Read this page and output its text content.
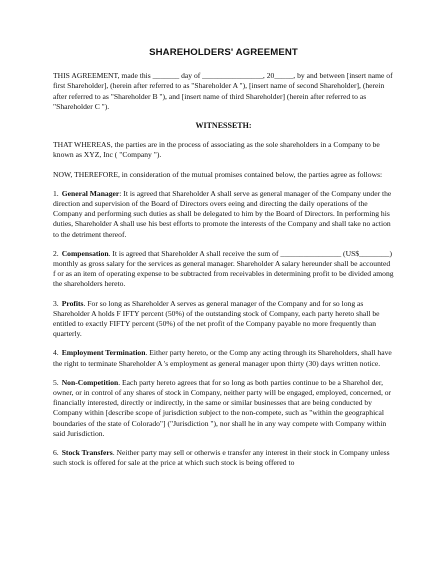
SHAREHOLDERS' AGREEMENT

THIS AGREEMENT, made this _______ day of ________________, 20_____, by and between [insert name of first Shareholder], (herein after referred to as "Shareholder A "), [insert name of second Shareholder], (herein after referred to as "Shareholder B "), and [insert name of third Shareholder] (herein after referred to as "Shareholder C ").

WITNESSETH:

THAT WHEREAS, the parties are in the process of associating as the sole shareholders in a Company to be known as XYZ, Inc ( "Company ").

NOW, THEREFORE, in consideration of the mutual promises contained below, the parties agree as follows:

1. General Manager: It is agreed that Shareholder A shall serve as general manager of the Company under the direction and supervision of the Board of Directors overs eeing and directing the daily operations of the Company and performing such duties as shall be delegated to him by the Board of Directors. In performing his duties, Shareholder A shall use his best efforts to promote the interests of the Company and shall take no action to the detriment thereof.

2. Compensation. It is agreed that Shareholder A shall receive the sum of ________________ (US$________) monthly as gross salary for the services as general manager. Shareholder A salary hereunder shall be accounted f or as an item of operating expense to be subtracted from receivables in determining profit to be divided among the shareholders hereto.

3. Profits. For so long as Shareholder A serves as general manager of the Company and for so long as Shareholder A holds F IFTY percent (50%) of the outstanding stock of Company, each party hereto shall be entitled to exactly FIFTY percent (50%) of the net profit of the Company payable no more frequently than quarterly.

4. Employment Termination. Either party hereto, or the Comp any acting through its Shareholders, shall have the right to terminate Shareholder A 's employment as general manager upon thirty (30) days written notice.

5. Non-Competition. Each party hereto agrees that for so long as both parties continue to be a Sharehol der, owner, or in control of any shares of stock in Company, neither party will be engaged, employed, concerned, or financially interested, directly or indirectly, in the same or similar businesses that are being conducted by Company within [describe scope of jurisdiction subject to the non-compete, such as "within the geographical boundaries of the state of Colorado"] ("Jurisdiction "), nor shall he in any way compete with Company within said Jurisdiction.

6. Stock Transfers. Neither party may sell or otherwis e transfer any interest in their stock in Company unless such stock is offered for sale at the price at which such stock is being offered to
